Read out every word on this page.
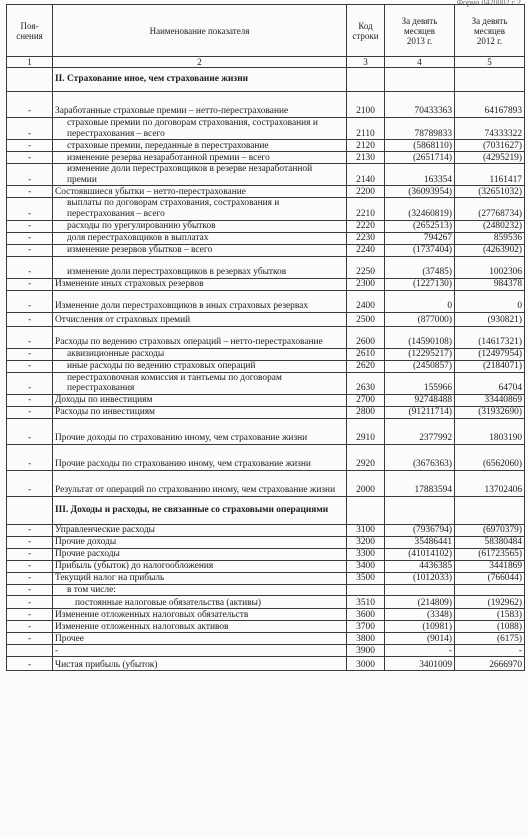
Форма 0420002 с.2
Поя-
снения	Наименование показателя	Код
строки	За девять
месяцев
2013 г.	За девять
месяцев
2012 г.
1	2	3	4	5
	II. Страхование иное, чем страхование жизни			
-	Заработанные страховые премии – нетто-перестрахование	2100	70433363	64167893
-	страховые премии по договорам страхования, сострахования и перестрахования – всего	2110	78789833	74333322
-	страховые премии, переданные в перестрахование	2120	(5868110)	(7031627)
-	изменение резерва незаработанной премии – всего	2130	(2651714)	(4295219)
-	изменение доли перестраховщиков в резерве незаработанной премии	2140	163354	1161417
-	Состоявшиеся убытки – нетто-перестрахование	2200	(36093954)	(32651032)
-	выплаты по договорам страхования, сострахования и перестрахования – всего	2210	(32460819)	(27768734)
-	расходы по урегулированию убытков	2220	(2652513)	(2480232)
-	доля перестраховщиков в выплатах	2230	794267	859536
-	изменение резервов убытков – всего	2240	(1737404)	(4263902)
-	изменение доли перестраховщиков в резервах убытков	2250	(37485)	1002306
-	Изменение иных страховых резервов	2300	(1227130)	984378
-	Изменение доли перестраховщиков в иных страховых резервах	2400	0	0
-	Отчисления от страховых премий	2500	(877000)	(930821)
-	Расходы по ведению страховых операций – нетто-перестрахование	2600	(14590108)	(14617321)
-	аквизиционные расходы	2610	(12295217)	(12497954)
-	иные расходы по ведению страховых операций	2620	(2450857)	(2184071)
-	перестраховочная комиссия и тантьемы по договорам перестрахования	2630	155966	64704
-	Доходы по инвестициям	2700	92748488	33440869
-	Расходы по инвестициям	2800	(91211714)	(31932690)
-	Прочие доходы по страхованию иному, чем страхование жизни	2910	2377992	1803190
-	Прочие расходы по страхованию иному, чем страхование жизни	2920	(3676363)	(6562060)
-	Результат от операций по страхованию иному, чем страхование жизни	2000	17883594	13702406
	III. Доходы и расходы, не связанные со страховыми операциями			
-	Управленческие расходы	3100	(7936794)	(6970379)
-	Прочие доходы	3200	35486441	58380484
-	Прочие расходы	3300	(41014102)	(61723565)
-	Прибыль (убыток) до налогообложения	3400	4436385	3441869
-	Текущий налог на прибыль	3500	(1012033)	(766044)
-	в том числе:			
-	постоянные налоговые обязательства (активы)	3510	(214809)	(192962)
-	Изменение отложенных налоговых обязательств	3600	(3348)	(1583)
-	Изменение отложенных налоговых активов	3700	(10981)	(1088)
-	Прочее	3800	(9014)	(6175)
	-	3900	-	-
-	Чистая прибыль (убыток)	3000	3401009	2666970
